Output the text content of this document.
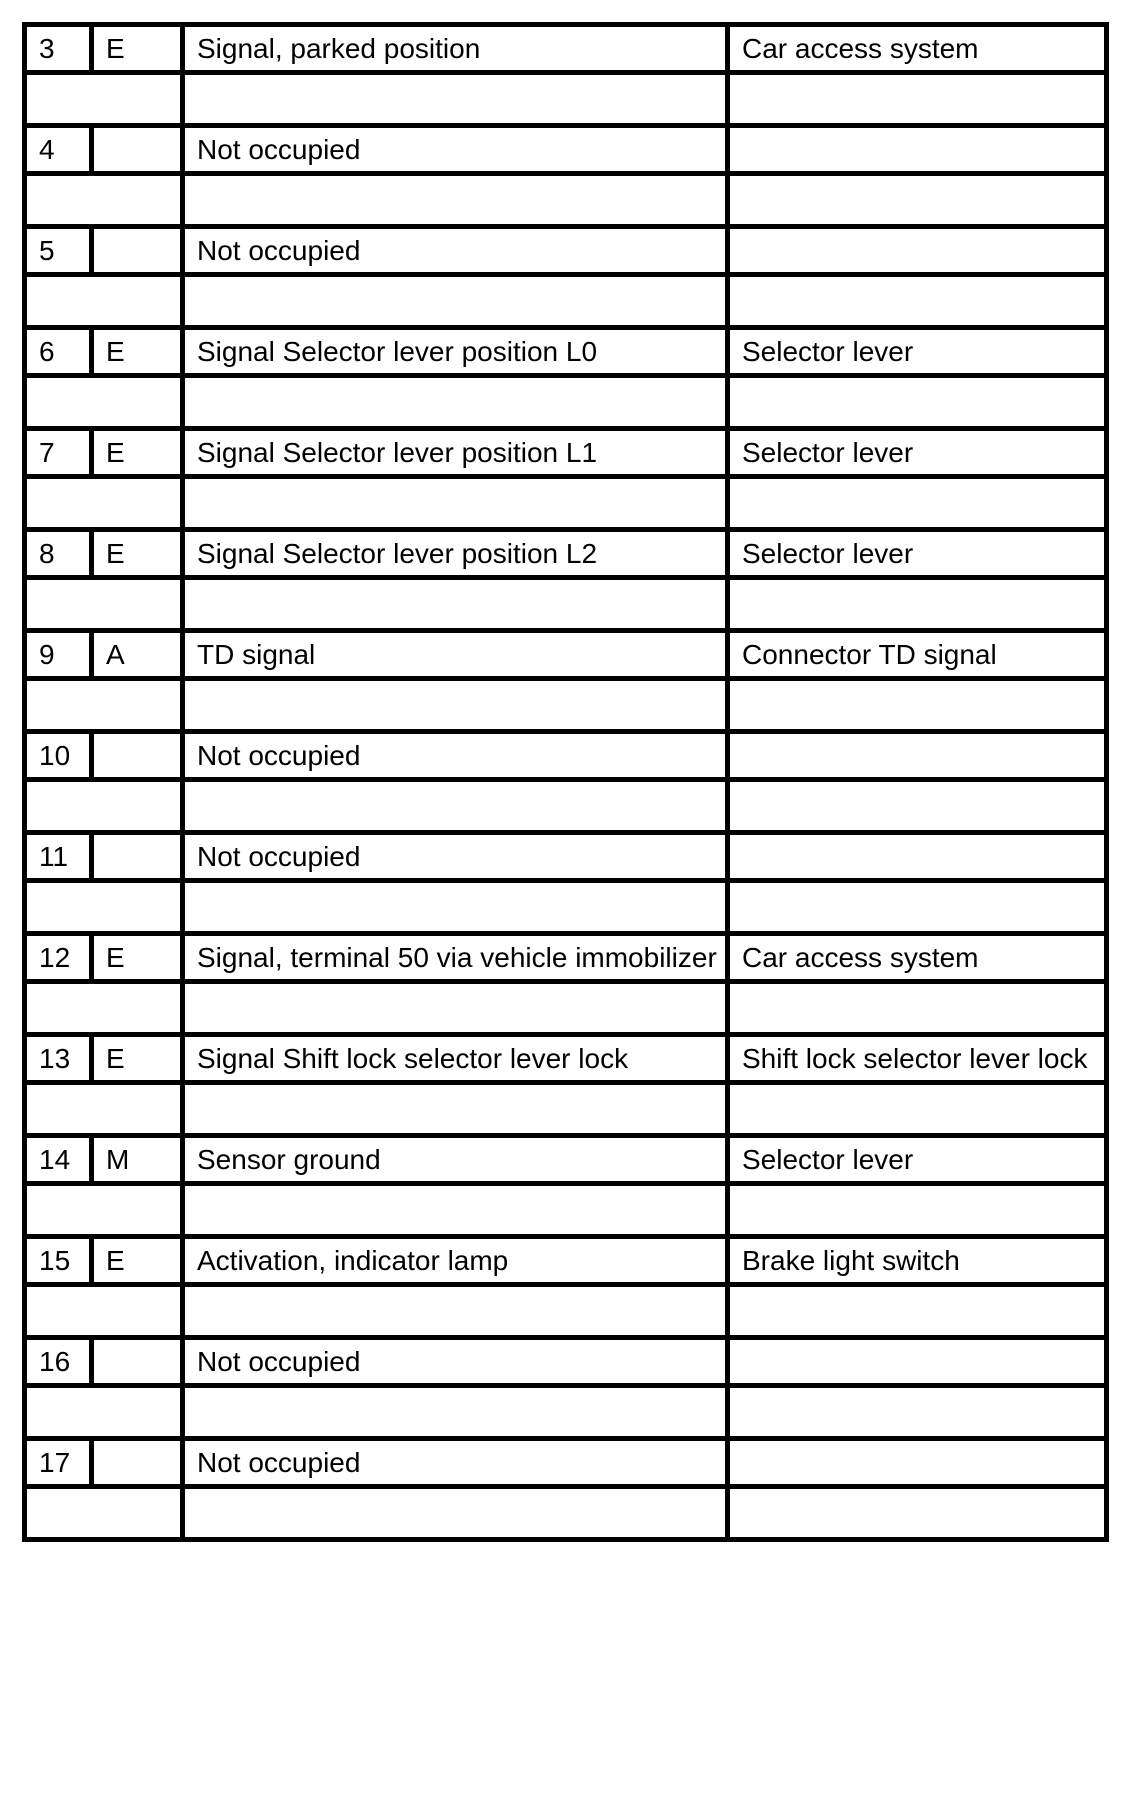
3	E	Signal, parked position	Car access system

4		Not occupied	

5		Not occupied	

6	E	Signal Selector lever position L0	Selector lever

7	E	Signal Selector lever position L1	Selector lever

8	E	Signal Selector lever position L2	Selector lever

9	A	TD signal	Connector TD signal

10		Not occupied	

11		Not occupied	

12	E	Signal, terminal 50 via vehicle immobilizer	Car access system

13	E	Signal Shift lock selector lever lock	Shift lock selector lever lock

14	M	Sensor ground	Selector lever

15	E	Activation, indicator lamp	Brake light switch

16		Not occupied	

17		Not occupied	
